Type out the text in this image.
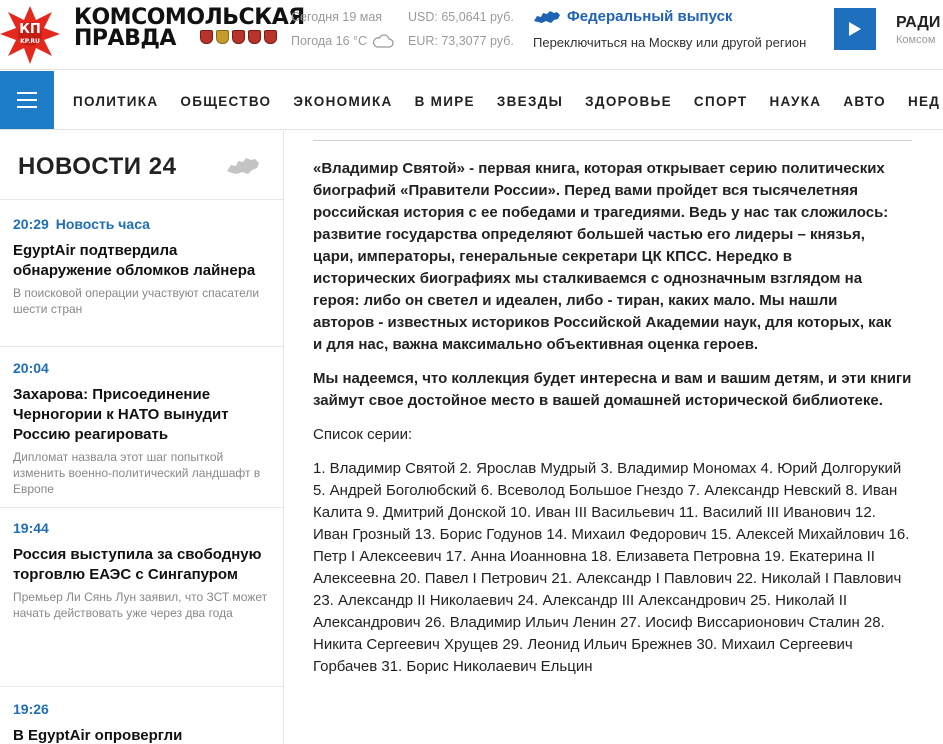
КП
KP.RU
КОМСОМОЛЬСКАЯ
ПРАВДА
Сегодня 19 мая
Погода 16 °С
USD: 65,0641 руб.
EUR: 73,3077 руб.
Федеральный выпуск
Переключиться на Москву или другой регион
РАДИ
Комсом
ПОЛИТИКА ОБЩЕСТВО ЭКОНОМИКА В МИРЕ ЗВЕЗДЫ ЗДОРОВЬЕ СПОРТ НАУКА АВТО НЕД
НОВОСТИ 24
20:29 Новость часа
EgyptAir подтвердила обнаружение обломков лайнера
В поисковой операции участвуют спасатели шести стран
20:04
Захарова: Присоединение Черногории к НАТО вынудит Россию реагировать
Дипломат назвала этот шаг попыткой изменить военно-политический ландшафт в Европе
19:44
Россия выступила за свободную торговлю ЕАЭС с Сингапуром
Премьер Ли Сянь Лун заявил, что ЗСТ может начать действовать уже через два года
19:26
В EgyptAir опровергли

«Владимир Святой» - первая книга, которая открывает серию политических биографий «Правители России». Перед вами пройдет вся тысячелетняя российская история с ее победами и трагедиями. Ведь у нас так сложилось: развитие государства определяют большей частью его лидеры – князья, цари, императоры, генеральные секретари ЦК КПСС. Нередко в исторических биографиях мы сталкиваемся с однозначным взглядом на героя: либо он светел и идеален, либо - тиран, каких мало. Мы нашли авторов - известных историков Российской Академии наук, для которых, как и для нас, важна максимально объективная оценка героев.

Мы надеемся, что коллекция будет интересна и вам и вашим детям, и эти книги займут свое достойное место в вашей домашней исторической библиотеке.

Список серии:

1. Владимир Святой 2. Ярослав Мудрый 3. Владимир Мономах 4. Юрий Долгорукий 5. Андрей Боголюбский 6. Всеволод Большое Гнездо 7. Александр Невский 8. Иван Калита 9. Дмитрий Донской 10. Иван III Васильевич 11. Василий III Иванович 12. Иван Грозный 13. Борис Годунов 14. Михаил Федорович 15. Алексей Михайлович 16. Петр I Алексеевич 17. Анна Иоанновна 18. Елизавета Петровна 19. Екатерина II Алексеевна 20. Павел I Петрович 21. Александр I Павлович 22. Николай I Павлович 23. Александр II Николаевич 24. Александр III Александрович 25. Николай II Александрович 26. Владимир Ильич Ленин 27. Иосиф Виссарионович Сталин 28. Никита Сергеевич Хрущев 29. Леонид Ильич Брежнев 30. Михаил Сергеевич Горбачев 31. Борис Николаевич Ельцин
